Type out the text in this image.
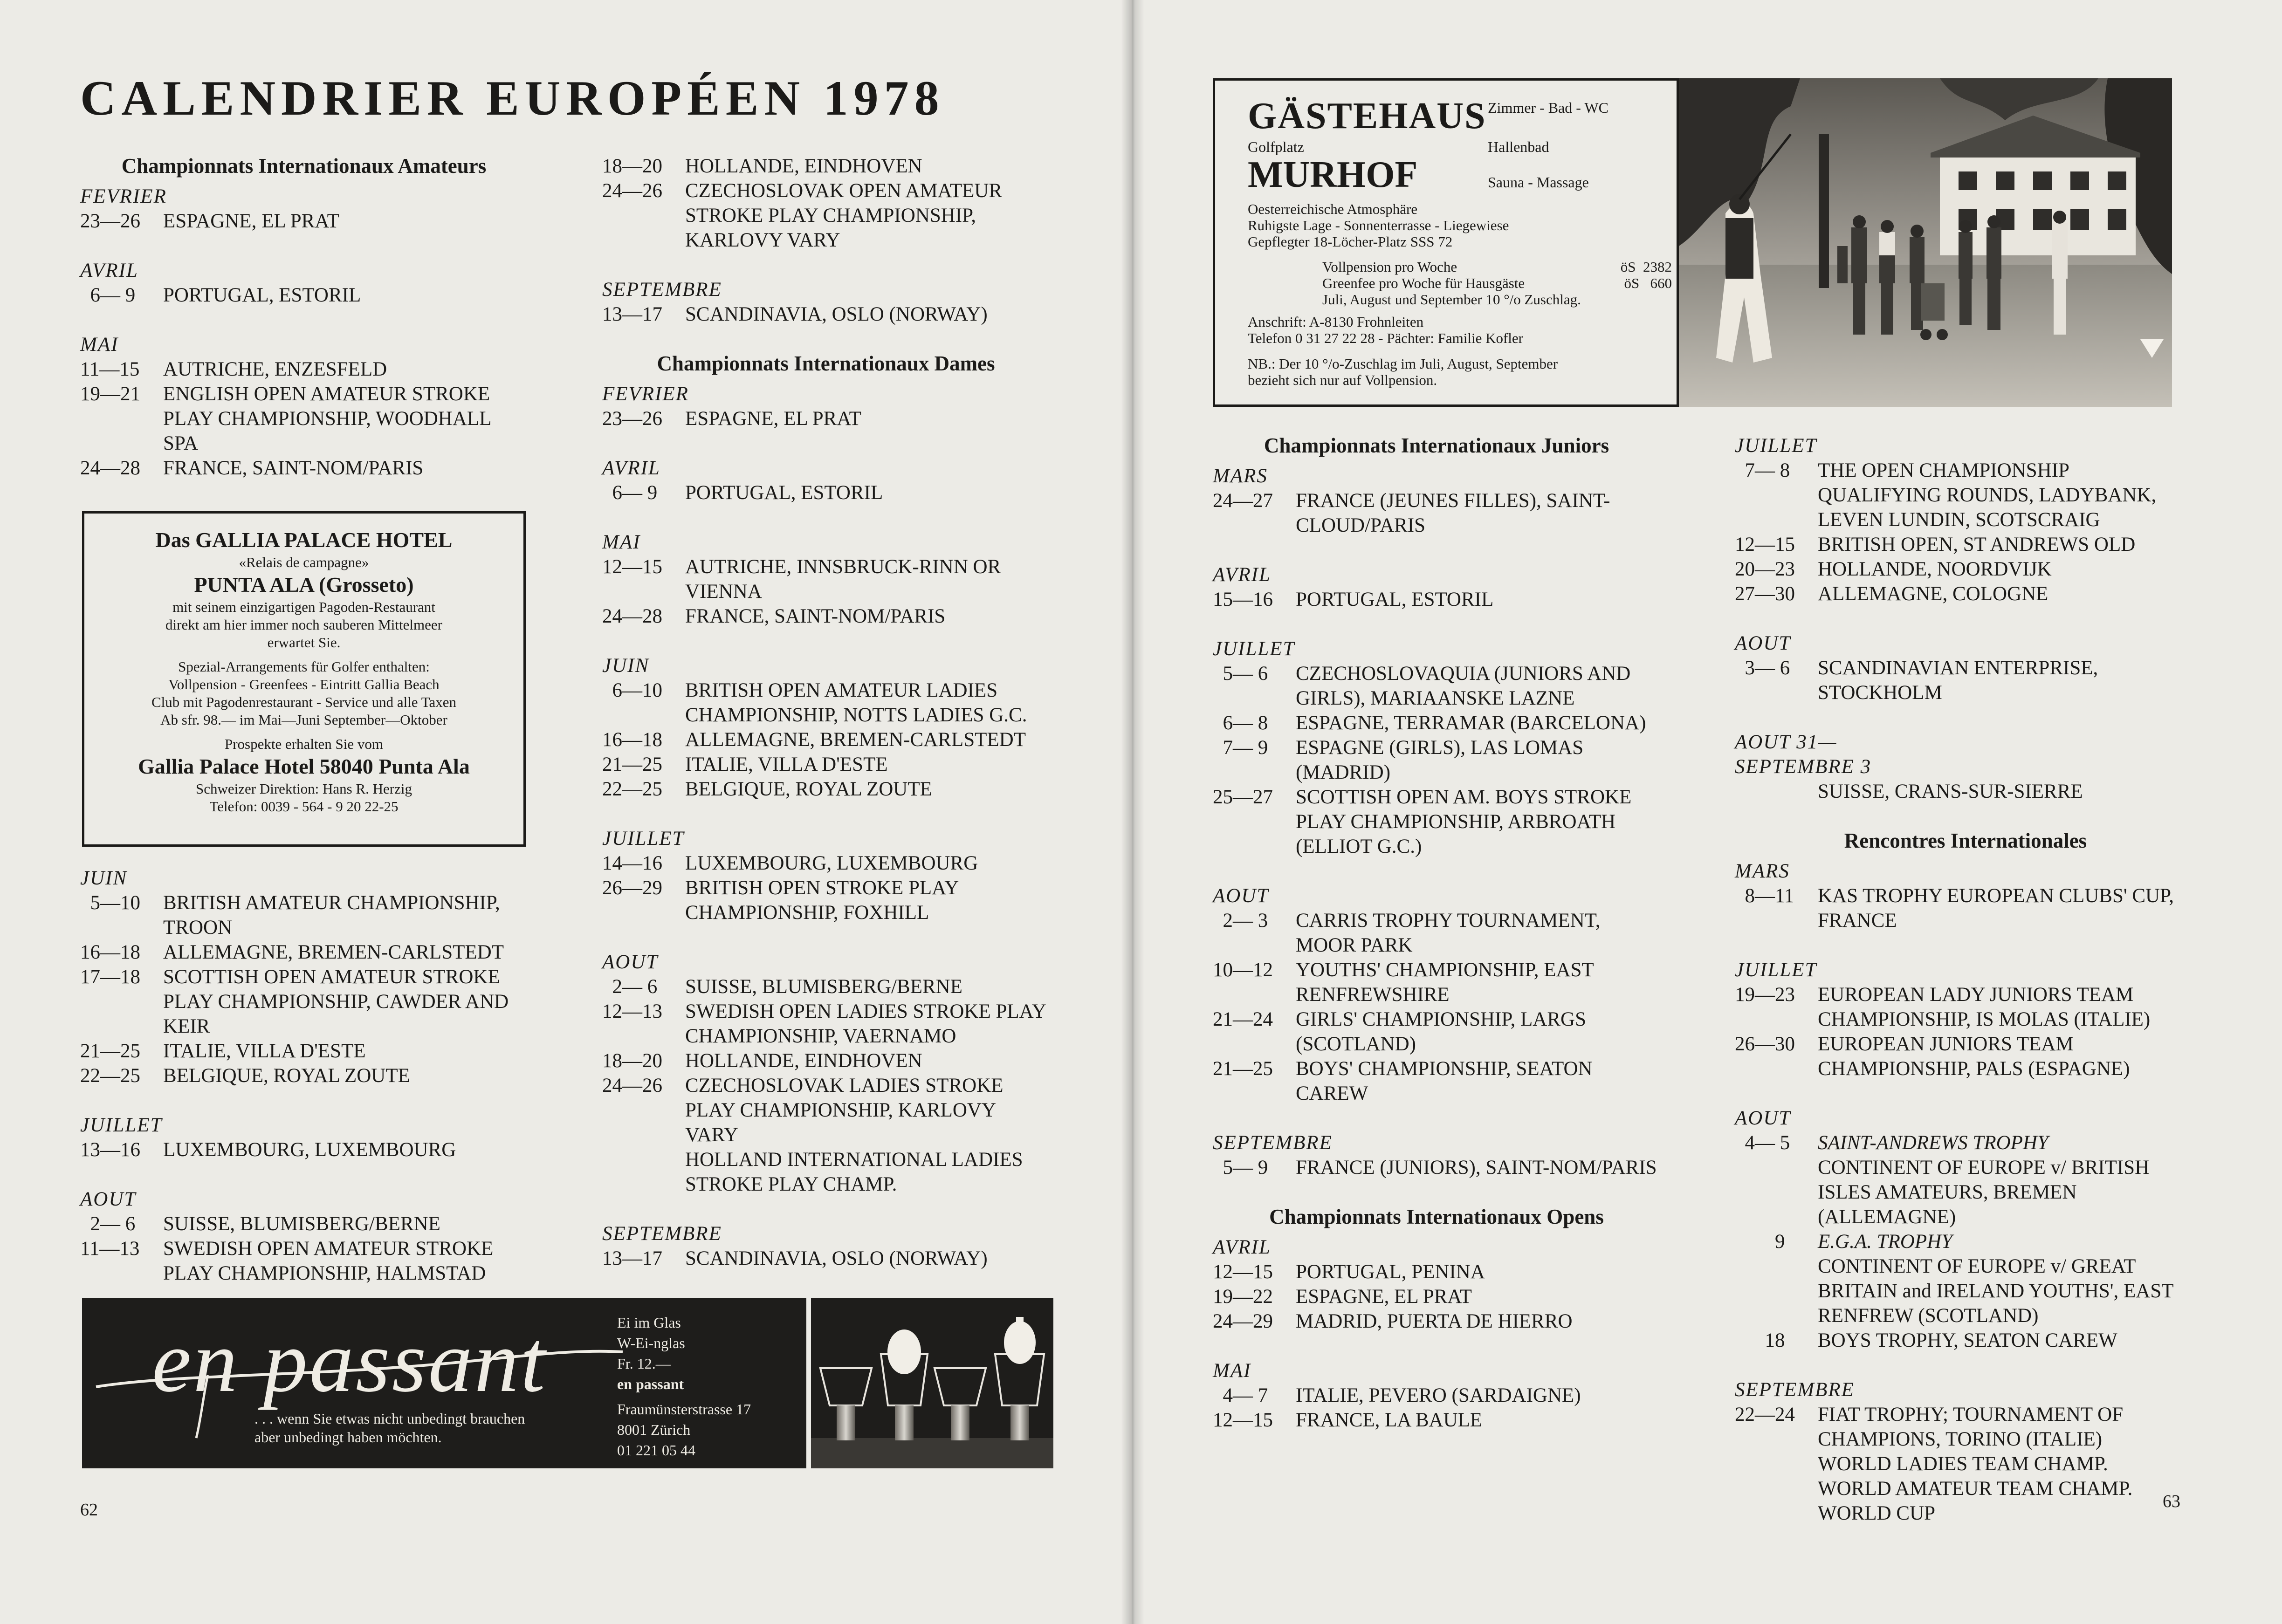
CALENDRIER EUROPÉEN 1978
Championnats Internationaux Amateurs
FEVRIER
23—26	ESPAGNE, EL PRAT
AVRIL
6— 9	PORTUGAL, ESTORIL
MAI
11—15	AUTRICHE, ENZESFELD
19—21	ENGLISH OPEN AMATEUR STROKE PLAY CHAMPIONSHIP, WOODHALL SPA
24—28	FRANCE, SAINT-NOM/PARIS
Das GALLIA PALACE HOTEL
«Relais de campagne»
PUNTA ALA (Grosseto)
mit seinem einzigartigen Pagoden-Restaurant
direkt am hier immer noch sauberen Mittelmeer
erwartet Sie.
Spezial-Arrangements für Golfer enthalten:
Vollpension - Greenfees - Eintritt Gallia Beach
Club mit Pagodenrestaurant - Service und alle Taxen
Ab sfr. 98.— im Mai—Juni September—Oktober
Prospekte erhalten Sie vom
Gallia Palace Hotel 58040 Punta Ala
Schweizer Direktion: Hans R. Herzig
Telefon: 0039 - 564 - 9 20 22-25
JUIN
5—10	BRITISH AMATEUR CHAMPIONSHIP, TROON
16—18	ALLEMAGNE, BREMEN-CARLSTEDT
17—18	SCOTTISH OPEN AMATEUR STROKE PLAY CHAMPIONSHIP, CAWDER AND KEIR
21—25	ITALIE, VILLA D'ESTE
22—25	BELGIQUE, ROYAL ZOUTE
JUILLET
13—16	LUXEMBOURG, LUXEMBOURG
AOUT
2— 6	SUISSE, BLUMISBERG/BERNE
11—13	SWEDISH OPEN AMATEUR STROKE PLAY CHAMPIONSHIP, HALMSTAD
18—20	HOLLANDE, EINDHOVEN
24—26	CZECHOSLOVAK OPEN AMATEUR STROKE PLAY CHAMPIONSHIP, KARLOVY VARY
SEPTEMBRE
13—17	SCANDINAVIA, OSLO (NORWAY)
Championnats Internationaux Dames
FEVRIER
23—26	ESPAGNE, EL PRAT
AVRIL
6— 9	PORTUGAL, ESTORIL
MAI
12—15	AUTRICHE, INNSBRUCK-RINN OR VIENNA
24—28	FRANCE, SAINT-NOM/PARIS
JUIN
6—10	BRITISH OPEN AMATEUR LADIES CHAMPIONSHIP, NOTTS LADIES G.C.
16—18	ALLEMAGNE, BREMEN-CARLSTEDT
21—25	ITALIE, VILLA D'ESTE
22—25	BELGIQUE, ROYAL ZOUTE
JUILLET
14—16	LUXEMBOURG, LUXEMBOURG
26—29	BRITISH OPEN STROKE PLAY CHAMPIONSHIP, FOXHILL
AOUT
2— 6	SUISSE, BLUMISBERG/BERNE
12—13	SWEDISH OPEN LADIES STROKE PLAY CHAMPIONSHIP, VAERNAMO
18—20	HOLLANDE, EINDHOVEN
24—26	CZECHOSLOVAK LADIES STROKE PLAY CHAMPIONSHIP, KARLOVY VARY
HOLLAND INTERNATIONAL LADIES STROKE PLAY CHAMP.
SEPTEMBRE
13—17	SCANDINAVIA, OSLO (NORWAY)
en passant
. . . wenn Sie etwas nicht unbedingt brauchen
aber unbedingt haben möchten.
Ei im Glas
W-Ei-nglas
Fr. 12.—
en passant
Fraumünsterstrasse 17
8001 Zürich
01 221 05 44
62
GÄSTEHAUS
Golfplatz
MURHOF
Zimmer - Bad - WC
Hallenbad
Sauna - Massage
Oesterreichische Atmosphäre
Ruhigste Lage - Sonnenterrasse - Liegewiese
Gepflegter 18-Löcher-Platz SSS 72
Vollpension pro Woche	öS  2382
Greenfee pro Woche für Hausgäste	öS   660
Juli, August und September 10 °/o Zuschlag.
Anschrift: A-8130 Frohnleiten
Telefon 0 31 27 22 28 - Pächter: Familie Kofler
NB.: Der 10 °/o-Zuschlag im Juli, August, September
bezieht sich nur auf Vollpension.
Championnats Internationaux Juniors
MARS
24—27	FRANCE (JEUNES FILLES), SAINT-CLOUD/PARIS
AVRIL
15—16	PORTUGAL, ESTORIL
JUILLET
5— 6	CZECHOSLOVAQUIA (JUNIORS AND GIRLS), MARIAANSKE LAZNE
6— 8	ESPAGNE, TERRAMAR (BARCELONA)
7— 9	ESPAGNE (GIRLS), LAS LOMAS (MADRID)
25—27	SCOTTISH OPEN AM. BOYS STROKE PLAY CHAMPIONSHIP, ARBROATH (ELLIOT G.C.)
AOUT
2— 3	CARRIS TROPHY TOURNAMENT, MOOR PARK
10—12	YOUTHS' CHAMPIONSHIP, EAST RENFREWSHIRE
21—24	GIRLS' CHAMPIONSHIP, LARGS (SCOTLAND)
21—25	BOYS' CHAMPIONSHIP, SEATON CAREW
SEPTEMBRE
5— 9	FRANCE (JUNIORS), SAINT-NOM/PARIS
Championnats Internationaux Opens
AVRIL
12—15	PORTUGAL, PENINA
19—22	ESPAGNE, EL PRAT
24—29	MADRID, PUERTA DE HIERRO
MAI
4— 7	ITALIE, PEVERO (SARDAIGNE)
12—15	FRANCE, LA BAULE
JUILLET
7— 8	THE OPEN CHAMPIONSHIP QUALIFYING ROUNDS, LADYBANK, LEVEN LUNDIN, SCOTSCRAIG
12—15	BRITISH OPEN, ST ANDREWS OLD
20—23	HOLLANDE, NOORDVIJK
27—30	ALLEMAGNE, COLOGNE
AOUT
3— 6	SCANDINAVIAN ENTERPRISE, STOCKHOLM
AOUT 31—
SEPTEMBRE 3
SUISSE, CRANS-SUR-SIERRE
Rencontres Internationales
MARS
8—11	KAS TROPHY EUROPEAN CLUBS' CUP, FRANCE
JUILLET
19—23	EUROPEAN LADY JUNIORS TEAM CHAMPIONSHIP, IS MOLAS (ITALIE)
26—30	EUROPEAN JUNIORS TEAM CHAMPIONSHIP, PALS (ESPAGNE)
AOUT
4— 5	SAINT-ANDREWS TROPHY
CONTINENT OF EUROPE v/ BRITISH ISLES AMATEURS, BREMEN (ALLEMAGNE)
9	E.G.A. TROPHY
CONTINENT OF EUROPE v/ GREAT BRITAIN and IRELAND YOUTHS', EAST RENFREW (SCOTLAND)
18	BOYS TROPHY, SEATON CAREW
SEPTEMBRE
22—24	FIAT TROPHY; TOURNAMENT OF CHAMPIONS, TORINO (ITALIE)
WORLD LADIES TEAM CHAMP.
WORLD AMATEUR TEAM CHAMP.
WORLD CUP
63
